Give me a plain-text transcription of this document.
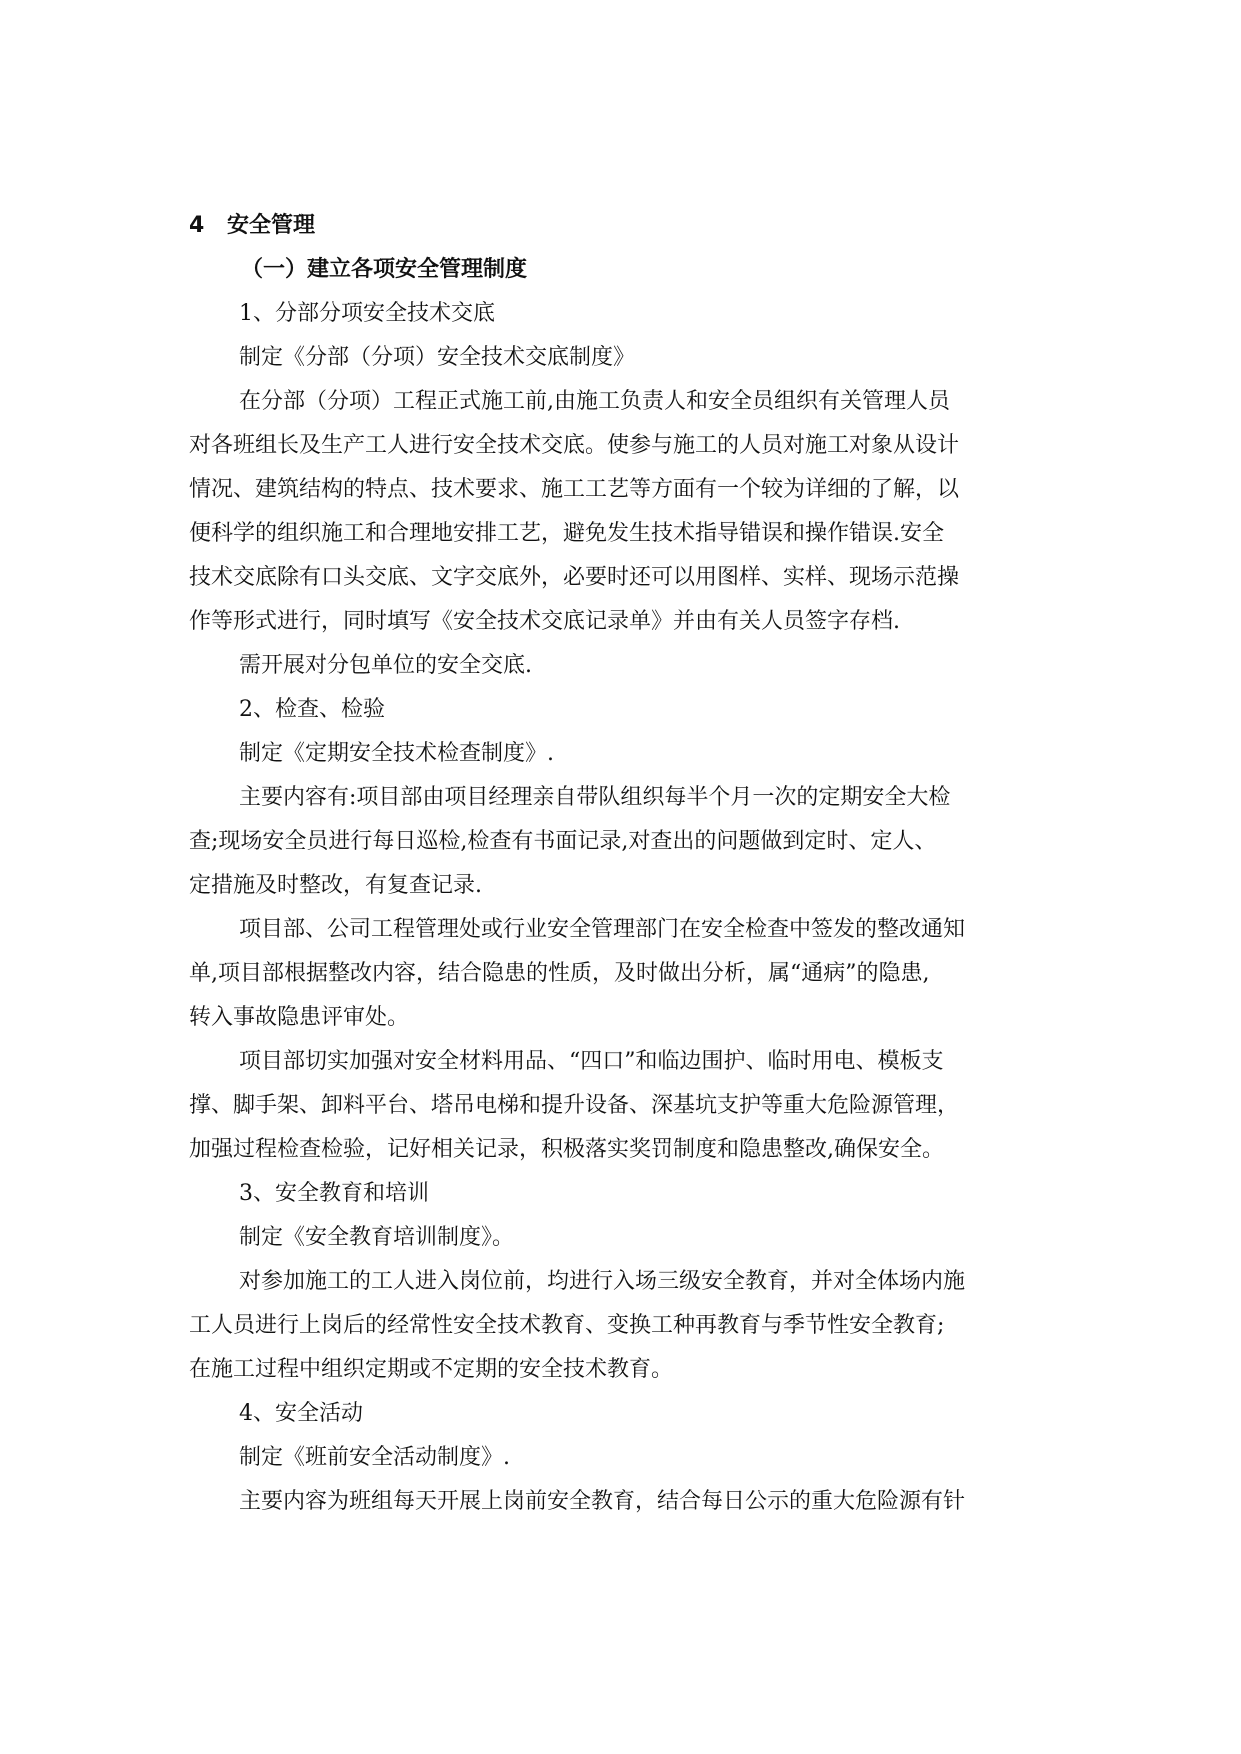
4 安全管理

（一）建立各项安全管理制度

1、分部分项安全技术交底

制定《分部（分项）安全技术交底制度》

在分部（分项）工程正式施工前,由施工负责人和安全员组织有关管理人员

对各班组长及生产工人进行安全技术交底。使参与施工的人员对施工对象从设计

情况、建筑结构的特点、技术要求、施工工艺等方面有一个较为详细的了解，以

便科学的组织施工和合理地安排工艺，避免发生技术指导错误和操作错误.安全

技术交底除有口头交底、文字交底外，必要时还可以用图样、实样、现场示范操

作等形式进行，同时填写《安全技术交底记录单》并由有关人员签字存档.

需开展对分包单位的安全交底.

2、检查、检验

制定《定期安全技术检查制度》.

主要内容有:项目部由项目经理亲自带队组织每半个月一次的定期安全大检

查;现场安全员进行每日巡检,检查有书面记录,对查出的问题做到定时、定人、

定措施及时整改，有复查记录.

项目部、公司工程管理处或行业安全管理部门在安全检查中签发的整改通知

单,项目部根据整改内容，结合隐患的性质，及时做出分析，属“通病”的隐患,

转入事故隐患评审处。

项目部切实加强对安全材料用品、“四口”和临边围护、临时用电、模板支

撑、脚手架、卸料平台、塔吊电梯和提升设备、深基坑支护等重大危险源管理，

加强过程检查检验，记好相关记录，积极落实奖罚制度和隐患整改,确保安全。

3、安全教育和培训

制定《安全教育培训制度》。

对参加施工的工人进入岗位前，均进行入场三级安全教育，并对全体场内施

工人员进行上岗后的经常性安全技术教育、变换工种再教育与季节性安全教育;

在施工过程中组织定期或不定期的安全技术教育。

4、安全活动

制定《班前安全活动制度》.

主要内容为班组每天开展上岗前安全教育，结合每日公示的重大危险源有针
